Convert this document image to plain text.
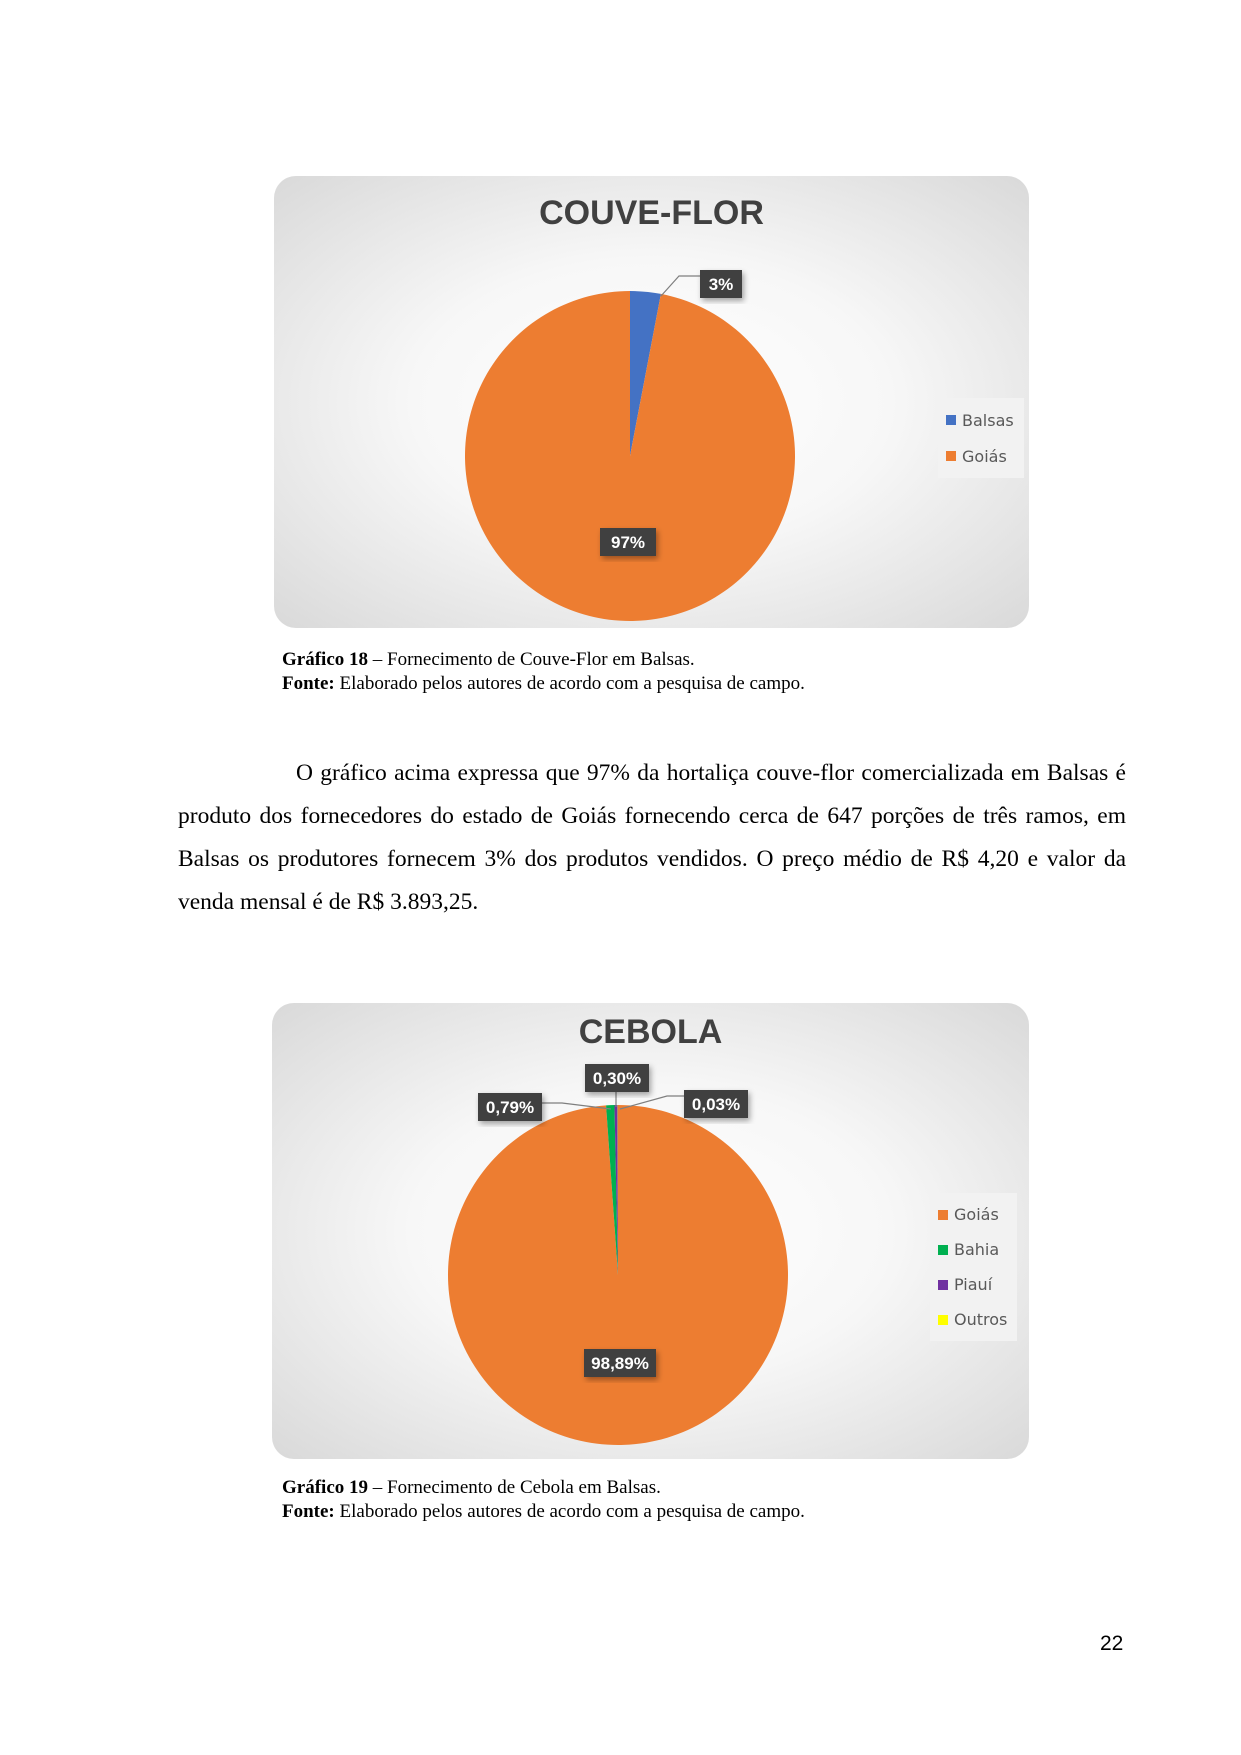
3%
97%
COUVE-FLOR
Balsas
Goiás
Gráfico 18 – Fornecimento de Couve-Flor em Balsas.
Fonte: Elaborado pelos autores de acordo com a pesquisa de campo.
O gráfico acima expressa que 97% da hortaliça couve-flor comercializada em Balsas é produto dos fornecedores do estado de Goiás fornecendo cerca de 647 porções de três ramos, em Balsas os produtores fornecem 3% dos produtos vendidos. O preço médio de R$ 4,20 e valor da venda mensal é de R$ 3.893,25.
98,89%
0,79%
0,30%
0,03%
CEBOLA
Goiás
Bahia
Piauí
Outros
Gráfico 19 – Fornecimento de Cebola em Balsas.
Fonte: Elaborado pelos autores de acordo com a pesquisa de campo.
22
